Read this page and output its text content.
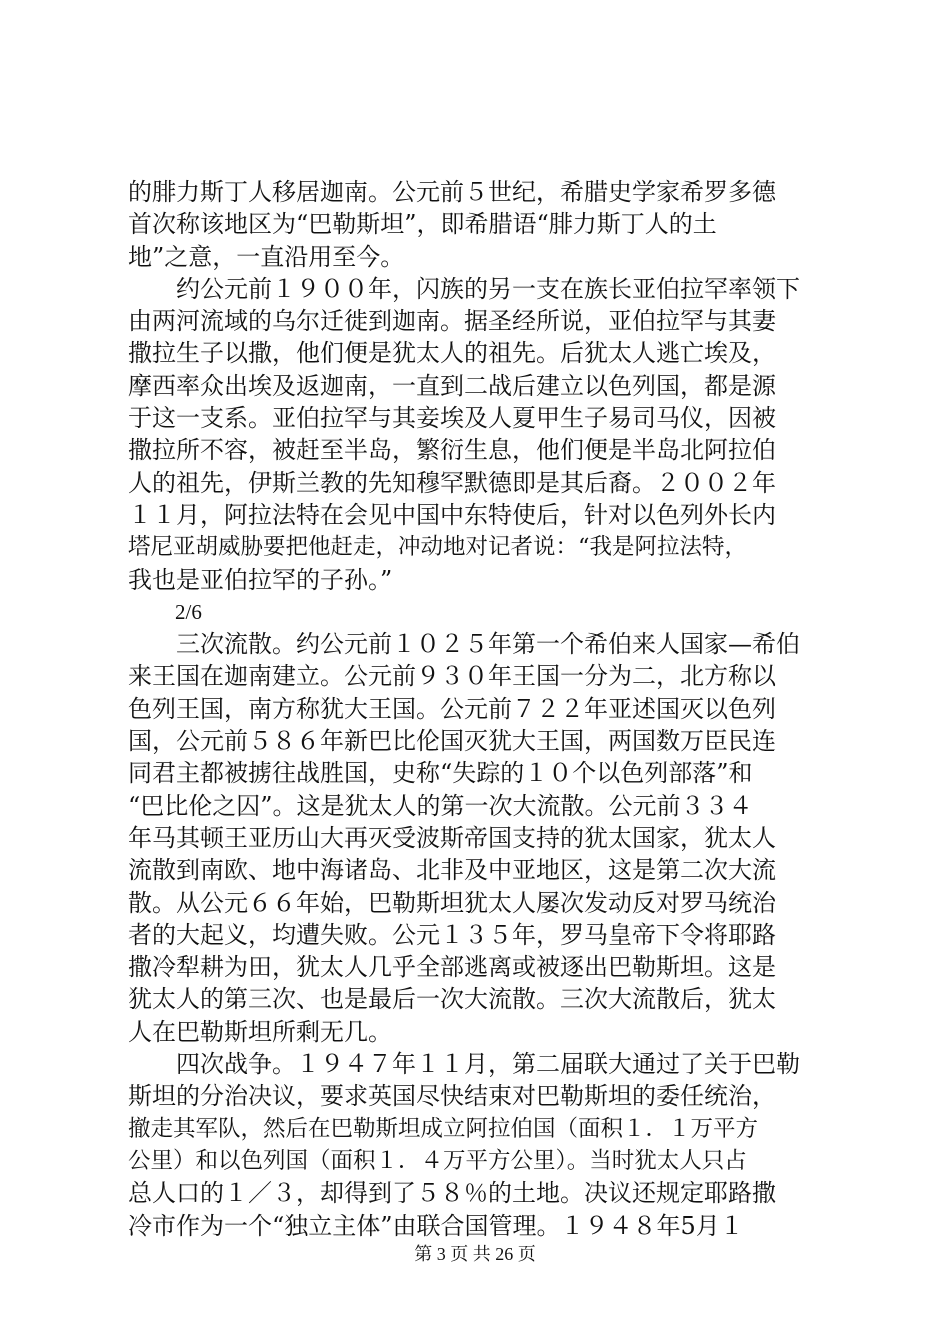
的腓力斯丁人移居迦南。公元前５世纪，希腊史学家希罗多德
首次称该地区为“巴勒斯坦”，即希腊语“腓力斯丁人的土
地”之意，一直沿用至今。
　　约公元前１９００年，闪族的另一支在族长亚伯拉罕率领下
由两河流域的乌尔迁徙到迦南。据圣经所说，亚伯拉罕与其妻
撒拉生子以撒，他们便是犹太人的祖先。后犹太人逃亡埃及，
摩西率众出埃及返迦南，一直到二战后建立以色列国，都是源
于这一支系。亚伯拉罕与其妾埃及人夏甲生子易司马仪，因被
撒拉所不容，被赶至半岛，繁衍生息，他们便是半岛北阿拉伯
人的祖先，伊斯兰教的先知穆罕默德即是其后裔。２００２年
１１月，阿拉法特在会见中国中东特使后，针对以色列外长内
塔尼亚胡威胁要把他赶走，冲动地对记者说：“我是阿拉法特，
我也是亚伯拉罕的子孙。”
2/6
　　三次流散。约公元前１０２５年第一个希伯来人国家—希伯
来王国在迦南建立。公元前９３０年王国一分为二，北方称以
色列王国，南方称犹大王国。公元前７２２年亚述国灭以色列
国，公元前５８６年新巴比伦国灭犹大王国，两国数万臣民连
同君主都被掳往战胜国，史称“失踪的１０个以色列部落”和
“巴比伦之囚”。这是犹太人的第一次大流散。公元前３３４
年马其顿王亚历山大再灭受波斯帝国支持的犹太国家，犹太人
流散到南欧、地中海诸岛、北非及中亚地区，这是第二次大流
散。从公元６６年始，巴勒斯坦犹太人屡次发动反对罗马统治
者的大起义，均遭失败。公元１３５年，罗马皇帝下令将耶路
撒冷犁耕为田，犹太人几乎全部逃离或被逐出巴勒斯坦。这是
犹太人的第三次、也是最后一次大流散。三次大流散后，犹太
人在巴勒斯坦所剩无几。
　　四次战争。１９４７年１１月，第二届联大通过了关于巴勒
斯坦的分治决议，要求英国尽快结束对巴勒斯坦的委任统治，
撤走其军队，然后在巴勒斯坦成立阿拉伯国（面积１．１万平方
公里）和以色列国（面积１．４万平方公里）。当时犹太人只占
总人口的１／３，却得到了５８％的土地。决议还规定耶路撒
冷市作为一个“独立主体”由联合国管理。１９４８年5月１
第 3 页 共 26 页
